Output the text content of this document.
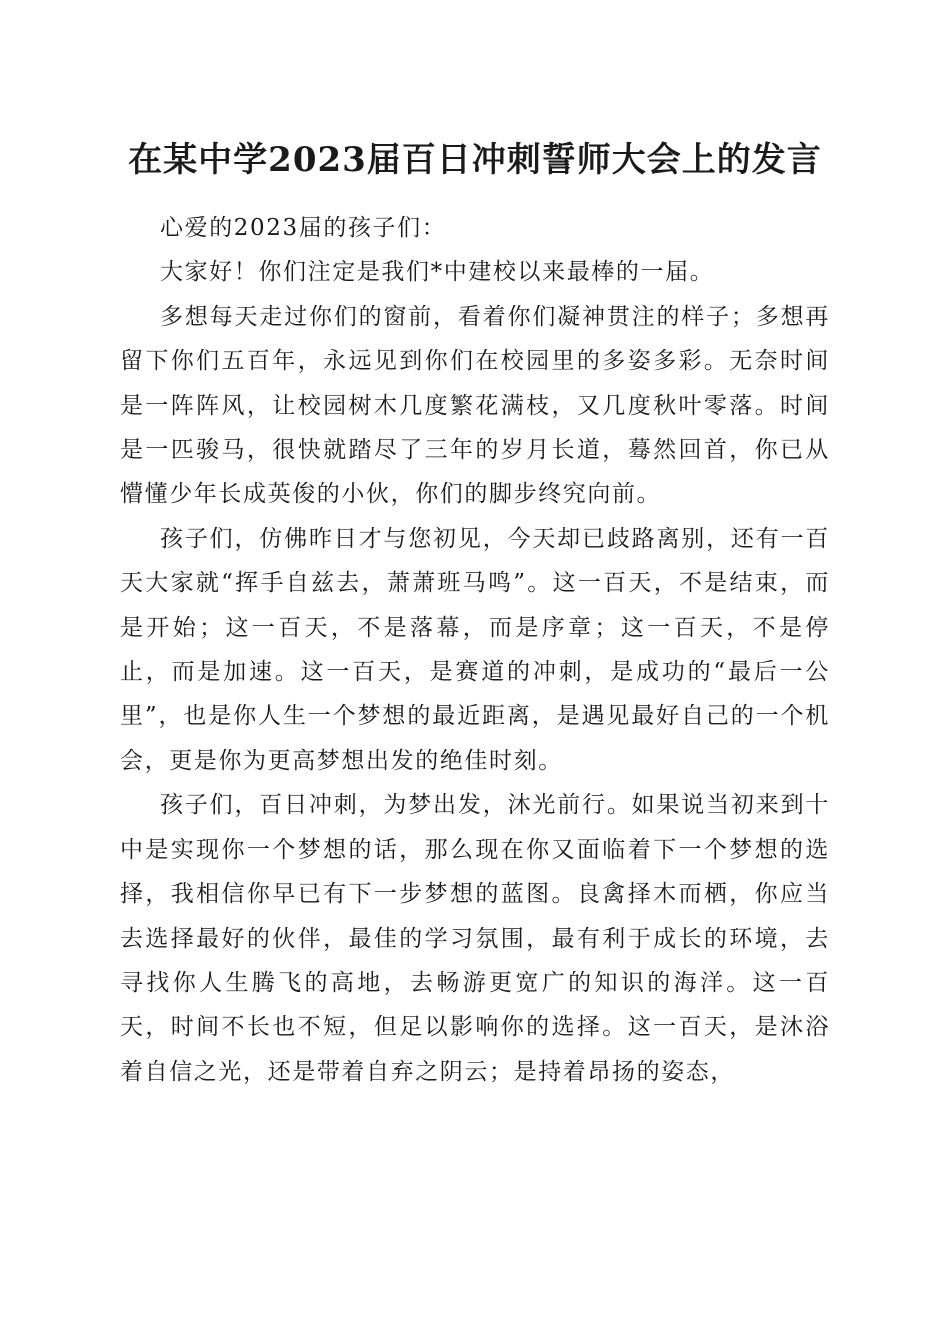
在某中学2023届百日冲刺誓师大会上的发言

心爱的2023届的孩子们：

大家好！你们注定是我们*中建校以来最棒的一届。

多想每天走过你们的窗前，看着你们凝神贯注的样子；多想再留下你们五百年，永远见到你们在校园里的多姿多彩。无奈时间是一阵阵风，让校园树木几度繁花满枝，又几度秋叶零落。时间是一匹骏马，很快就踏尽了三年的岁月长道，蓦然回首，你已从懵懂少年长成英俊的小伙，你们的脚步终究向前。

孩子们，仿佛昨日才与您初见，今天却已歧路离别，还有一百天大家就“挥手自兹去，萧萧班马鸣”。这一百天，不是结束，而是开始；这一百天，不是落幕，而是序章；这一百天，不是停止，而是加速。这一百天，是赛道的冲刺，是成功的“最后一公里”，也是你人生一个梦想的最近距离，是遇见最好自己的一个机会，更是你为更高梦想出发的绝佳时刻。

孩子们，百日冲刺，为梦出发，沐光前行。如果说当初来到十中是实现你一个梦想的话，那么现在你又面临着下一个梦想的选择，我相信你早已有下一步梦想的蓝图。良禽择木而栖，你应当去选择最好的伙伴，最佳的学习氛围，最有利于成长的环境，去寻找你人生腾飞的高地，去畅游更宽广的知识的海洋。这一百天，时间不长也不短，但足以影响你的选择。这一百天，是沐浴着自信之光，还是带着自弃之阴云；是持着昂扬的姿态，
